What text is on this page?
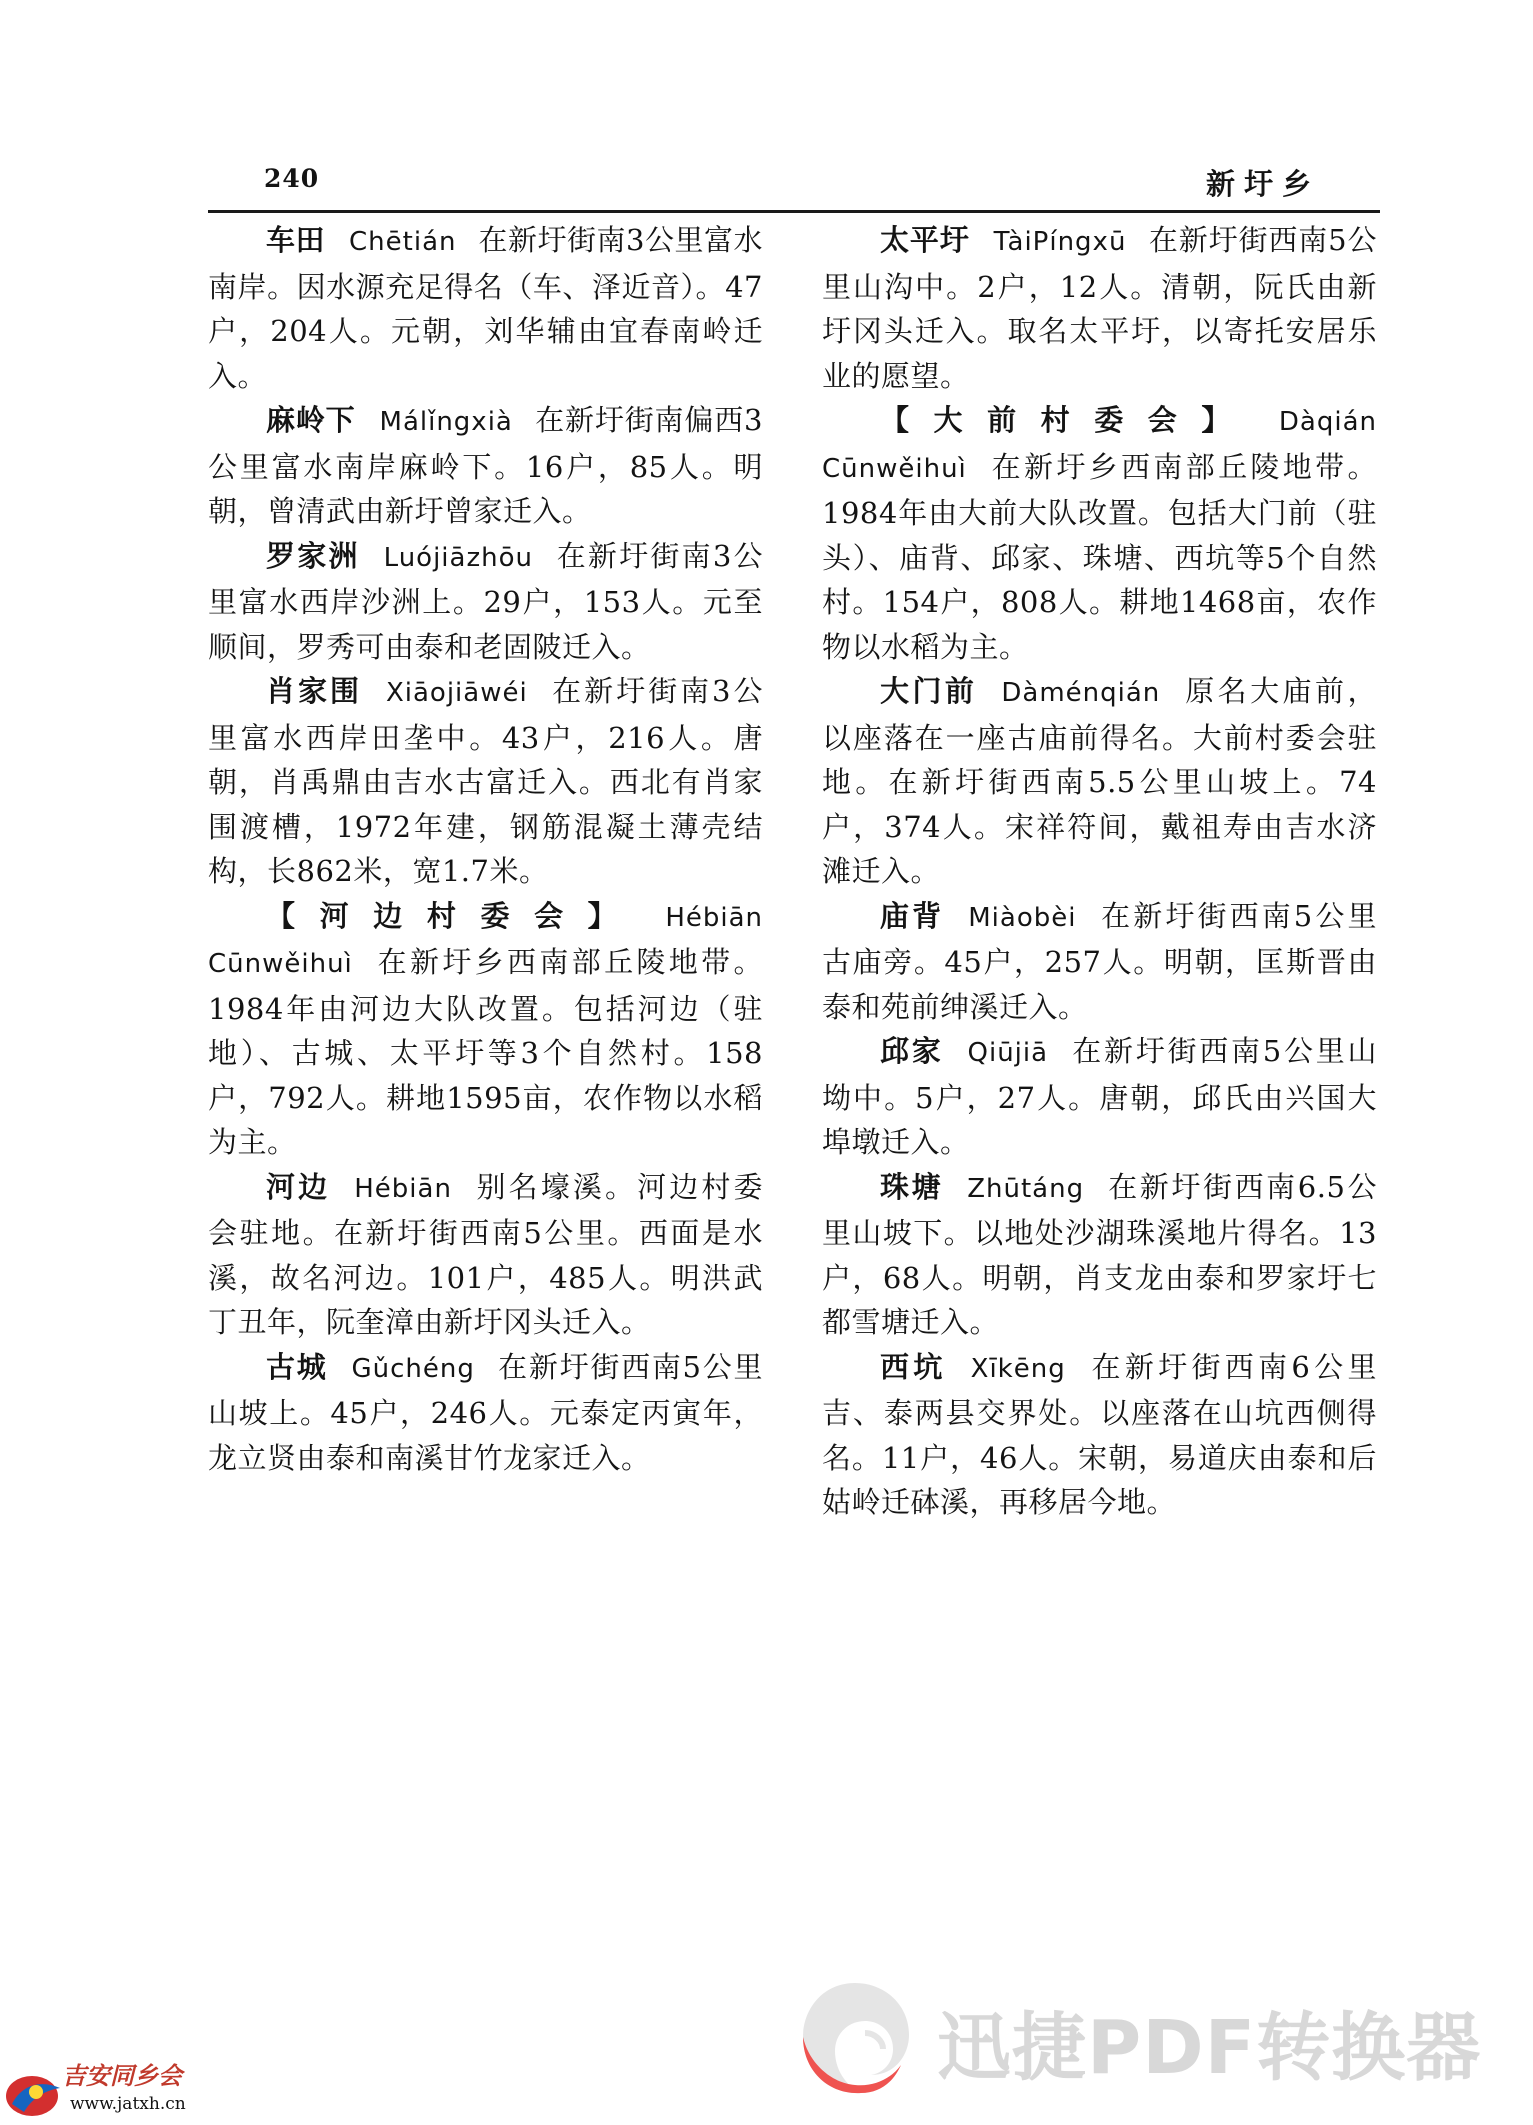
240	新圩乡

车田 Chētián 在新圩街南3公里富水南岸。因水源充足得名（车、泽近音）。47户，204人。元朝，刘华辅由宜春南岭迁入。

麻岭下 Málǐngxià 在新圩街南偏西3公里富水南岸麻岭下。16户，85人。明朝，曾清武由新圩曾家迁入。

罗家洲 Luójiāzhōu 在新圩街南3公里富水西岸沙洲上。29户，153人。元至顺间，罗秀可由泰和老固陂迁入。

肖家围 Xiāojiāwéi 在新圩街南3公里富水西岸田垄中。43户，216人。唐朝，肖禹鼎由吉水古富迁入。西北有肖家围渡槽，1972年建，钢筋混凝土薄壳结构，长862米，宽1.7米。

【河边村委会】 Hébiān Cūnwěihuì 在新圩乡西南部丘陵地带。1984年由河边大队改置。包括河边（驻地）、古城、太平圩等3个自然村。158户，792人。耕地1595亩，农作物以水稻为主。

河边 Hébiān 别名壕溪。河边村委会驻地。在新圩街西南5公里。西面是水溪，故名河边。101户，485人。明洪武丁丑年，阮奎漳由新圩冈头迁入。

古城 Gǔchéng 在新圩街西南5公里山坡上。45户，246人。元泰定丙寅年，龙立贤由泰和南溪甘竹龙家迁入。

太平圩 TàiPíngxū 在新圩街西南5公里山沟中。2户，12人。清朝，阮氏由新圩冈头迁入。取名太平圩，以寄托安居乐业的愿望。

【大前村委会】 Dàqián Cūnwěihuì 在新圩乡西南部丘陵地带。1984年由大前大队改置。包括大门前（驻头）、庙背、邱家、珠塘、西坑等5个自然村。154户，808人。耕地1468亩，农作物以水稻为主。

大门前 Dàménqián 原名大庙前，以座落在一座古庙前得名。大前村委会驻地。在新圩街西南5.5公里山坡上。74户，374人。宋祥符间，戴祖寿由吉水济滩迁入。

庙背 Miàobèi 在新圩街西南5公里古庙旁。45户，257人。明朝，匡斯晋由泰和苑前绅溪迁入。

邱家 Qiūjiā 在新圩街西南5公里山坳中。5户，27人。唐朝，邱氏由兴国大埠墩迁入。

珠塘 Zhūtáng 在新圩街西南6.5公里山坡下。以地处沙湖珠溪地片得名。13户，68人。明朝，肖支龙由泰和罗家圩七都雪塘迁入。

西坑 Xīkēng 在新圩街西南6公里吉、泰两县交界处。以座落在山坑西侧得名。11户，46人。宋朝，易道庆由泰和后姑岭迁砵溪，再移居今地。

迅捷PDF转换器
吉安同乡会
www.jatxh.cn
